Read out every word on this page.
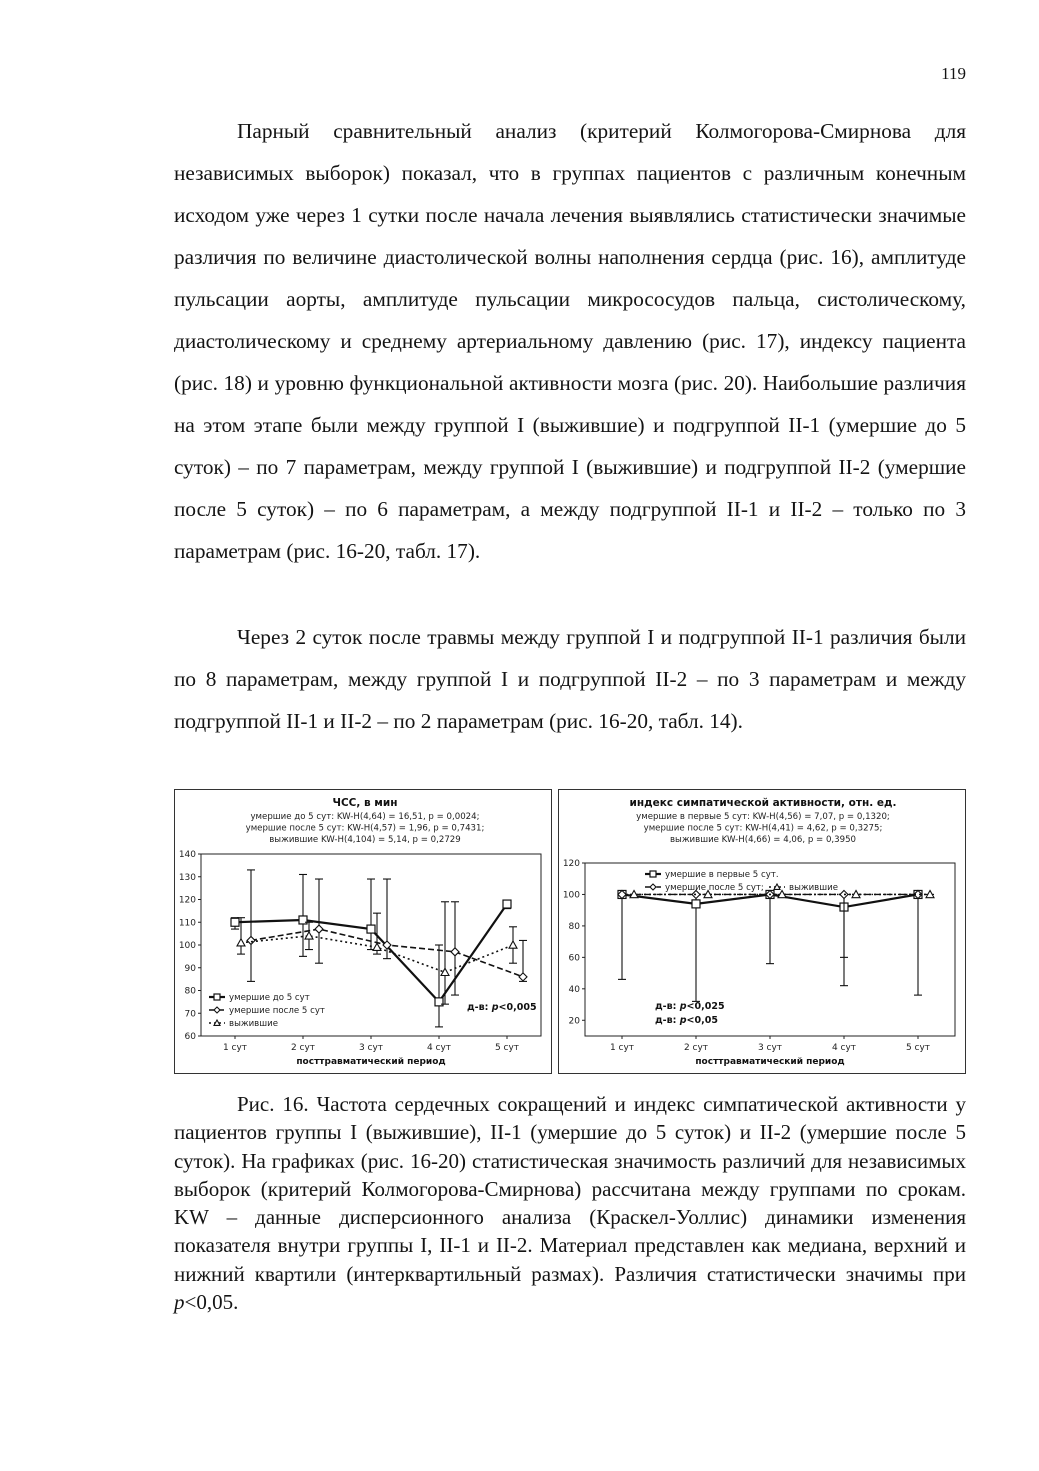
119

Парный сравнительный анализ (критерий Колмогорова-Смирнова для независимых выборок) показал, что в группах пациентов с различным конечным исходом уже через 1 сутки после начала лечения выявлялись статистически значимые различия по величине диастолической волны наполнения сердца (рис. 16), амплитуде пульсации аорты, амплитуде пульсации микрососудов пальца, систолическому, диастолическому и среднему артериальному давлению (рис. 17), индексу пациента (рис. 18) и уровню функциональной активности мозга (рис. 20). Наибольшие различия на этом этапе были между группой I (выжившие) и подгруппой II-1 (умершие до 5 суток) – по 7 параметрам, между группой I (выжившие) и подгруппой II-2 (умершие после 5 суток) – по 6 параметрам, а между подгруппой II-1 и II-2 – только по 3 параметрам (рис. 16-20, табл. 17).

Через 2 суток после травмы между группой I и подгруппой II-1 различия были по 8 параметрам, между группой I и подгруппой II-2 – по 3 параметрам и между подгруппой II-1 и II-2 – по 2 параметрам (рис. 16-20, табл. 14).

ЧСС, в мин
умершие до 5 сут: KW-H(4,64) = 16,51, p = 0,0024;
умершие после 5 сут: KW-H(4,57) = 1,96, p = 0,7431;
выжившие KW-H(4,104) = 5,14, p = 0,2729
60
70
80
90
100
110
120
130
140
1 сут	2 сут	3 сут	4 сут	5 сут
посттравматический период
умершие до 5 сут
умершие после 5 сут
выжившие
д-в: p<0,005
индекс симпатической активности, отн. ед.
умершие в первые 5 сут: KW-H(4,56) = 7,07, p = 0,1320;
умершие после 5 сут: KW-H(4,41) = 4,62, p = 0,3275;
выжившие KW-H(4,66) = 4,06, p = 0,3950
20
40
60
80
100
120
1 сут	2 сут	3 сут	4 сут	5 сут
посттравматический период
умершие в первые 5 сут.
умершие после 5 сут;	выжившие
д-в: p<0,025
д-в: p<0,05

Рис. 16. Частота сердечных сокращений и индекс симпатической активности у пациентов группы I (выжившие), II-1 (умершие до 5 суток) и II-2 (умершие после 5 суток). На графиках (рис. 16-20) статистическая значимость различий для независимых выборок (критерий Колмогорова-Смирнова) рассчитана между группами по срокам. KW – данные дисперсионного анализа (Краскел-Уоллис) динамики изменения показателя внутри группы I, II-1 и II-2. Материал представлен как медиана, верхний и нижний квартили (интерквартильный размах). Различия статистически значимы при p<0,05.
